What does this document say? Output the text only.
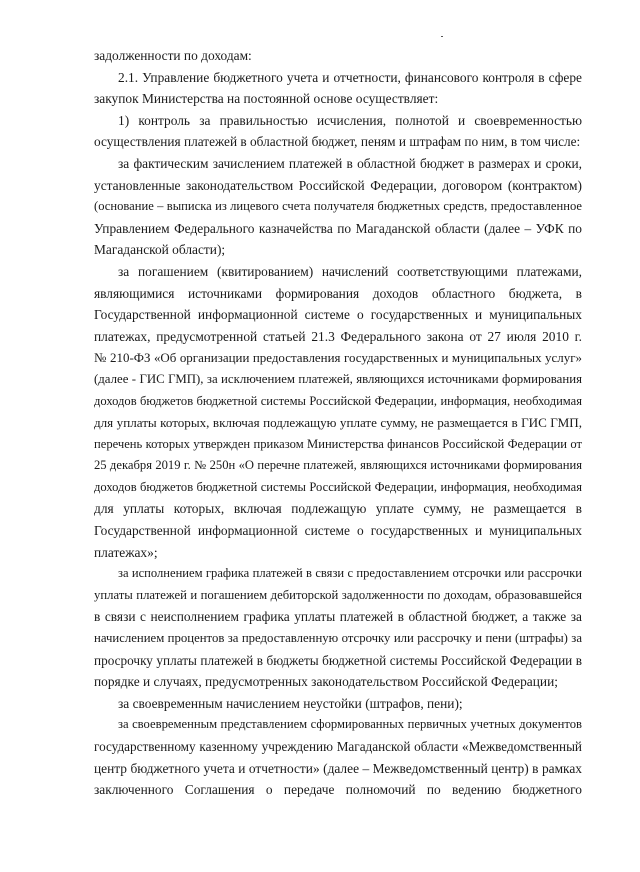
задолженности по доходам:
2.1. Управление бюджетного учета и отчетности, финансового контроля в сфере
закупок Министерства на постоянной основе осуществляет:
1) контроль за правильностью исчисления, полнотой и своевременностью
осуществления платежей в областной бюджет, пеням и штрафам по ним, в том числе:
за фактическим зачислением платежей в областной бюджет в размерах и сроки,
установленные законодательством Российской Федерации, договором (контрактом)
(основание – выписка из лицевого счета получателя бюджетных средств, предоставленное
Управлением Федерального казначейства по Магаданской области (далее – УФК по
Магаданской области);
за погашением (квитированием) начислений соответствующими платежами,
являющимися источниками формирования доходов областного бюджета, в
Государственной информационной системе о государственных и муниципальных
платежах, предусмотренной статьей 21.3 Федерального закона от 27 июля 2010 г.
№ 210-ФЗ «Об организации предоставления государственных и муниципальных услуг»
(далее - ГИС ГМП), за исключением платежей, являющихся источниками формирования
доходов бюджетов бюджетной системы Российской Федерации, информация, необходимая
для уплаты которых, включая подлежащую уплате сумму, не размещается в ГИС ГМП,
перечень которых утвержден приказом Министерства финансов Российской Федерации от
25 декабря 2019 г. № 250н «О перечне платежей, являющихся источниками формирования
доходов бюджетов бюджетной системы Российской Федерации, информация, необходимая
для уплаты которых, включая подлежащую уплате сумму, не размещается в
Государственной информационной системе о государственных и муниципальных
платежах»;
за исполнением графика платежей в связи с предоставлением отсрочки или рассрочки
уплаты платежей и погашением дебиторской задолженности по доходам, образовавшейся
в связи с неисполнением графика уплаты платежей в областной бюджет, а также за
начислением процентов за предоставленную отсрочку или рассрочку и пени (штрафы) за
просрочку уплаты платежей в бюджеты бюджетной системы Российской Федерации в
порядке и случаях, предусмотренных законодательством Российской Федерации;
за своевременным начислением неустойки (штрафов, пени);
за своевременным представлением сформированных первичных учетных документов
государственному казенному учреждению Магаданской области «Межведомственный
центр бюджетного учета и отчетности» (далее – Межведомственный центр) в рамках
заключенного Соглашения о передаче полномочий по ведению бюджетного
